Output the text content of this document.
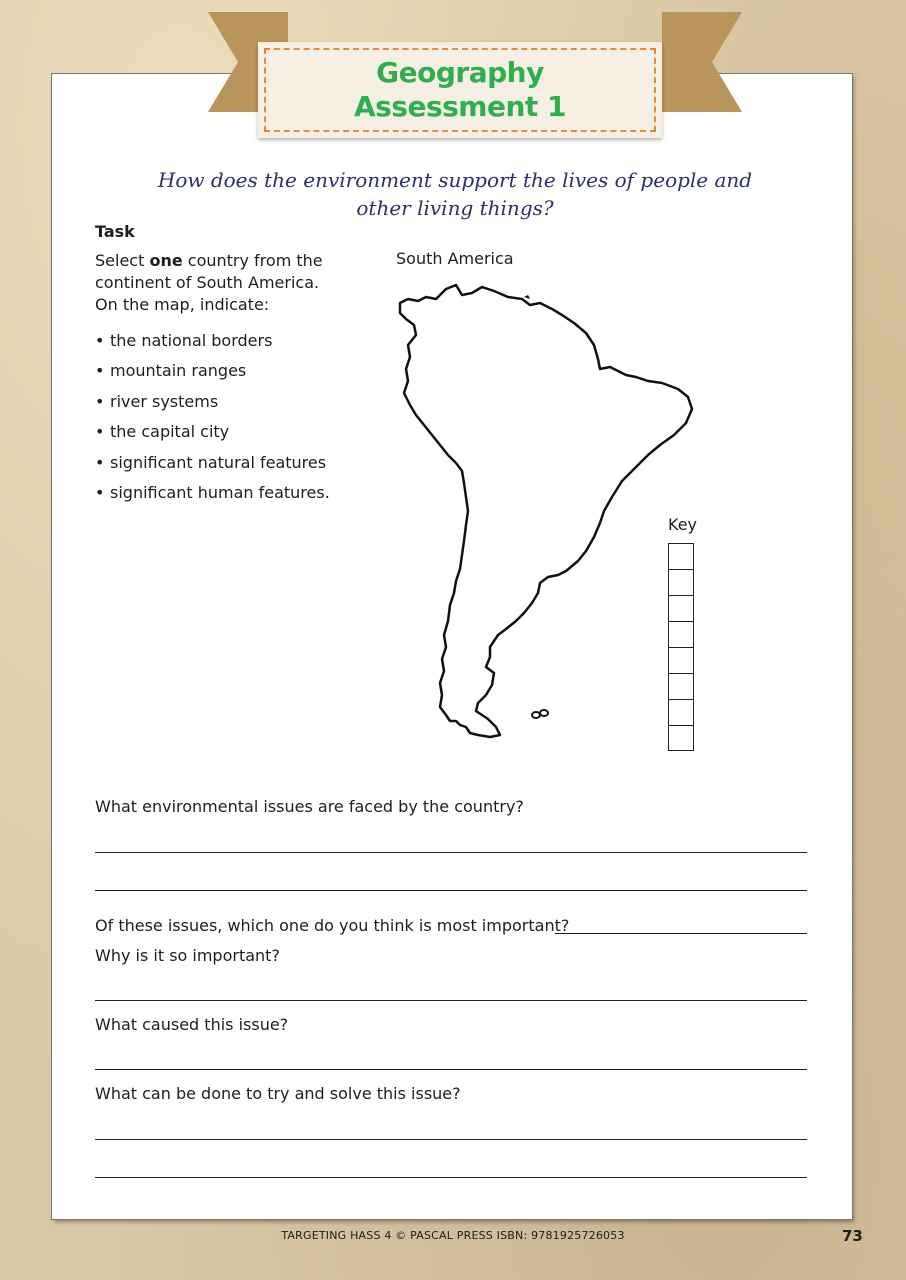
Geography
Assessment 1
How does the environment support the lives of people and
other living things?
Task
Select one country from the continent of South America.
On the map, indicate:
• the national borders
• mountain ranges
• river systems
• the capital city
• significant natural features
• significant human features.
South America
Key
What environmental issues are faced by the country?
Of these issues, which one do you think is most important?
Why is it so important?
What caused this issue?
What can be done to try and solve this issue?
TARGETING HASS 4 © PASCAL PRESS ISBN: 9781925726053	73
